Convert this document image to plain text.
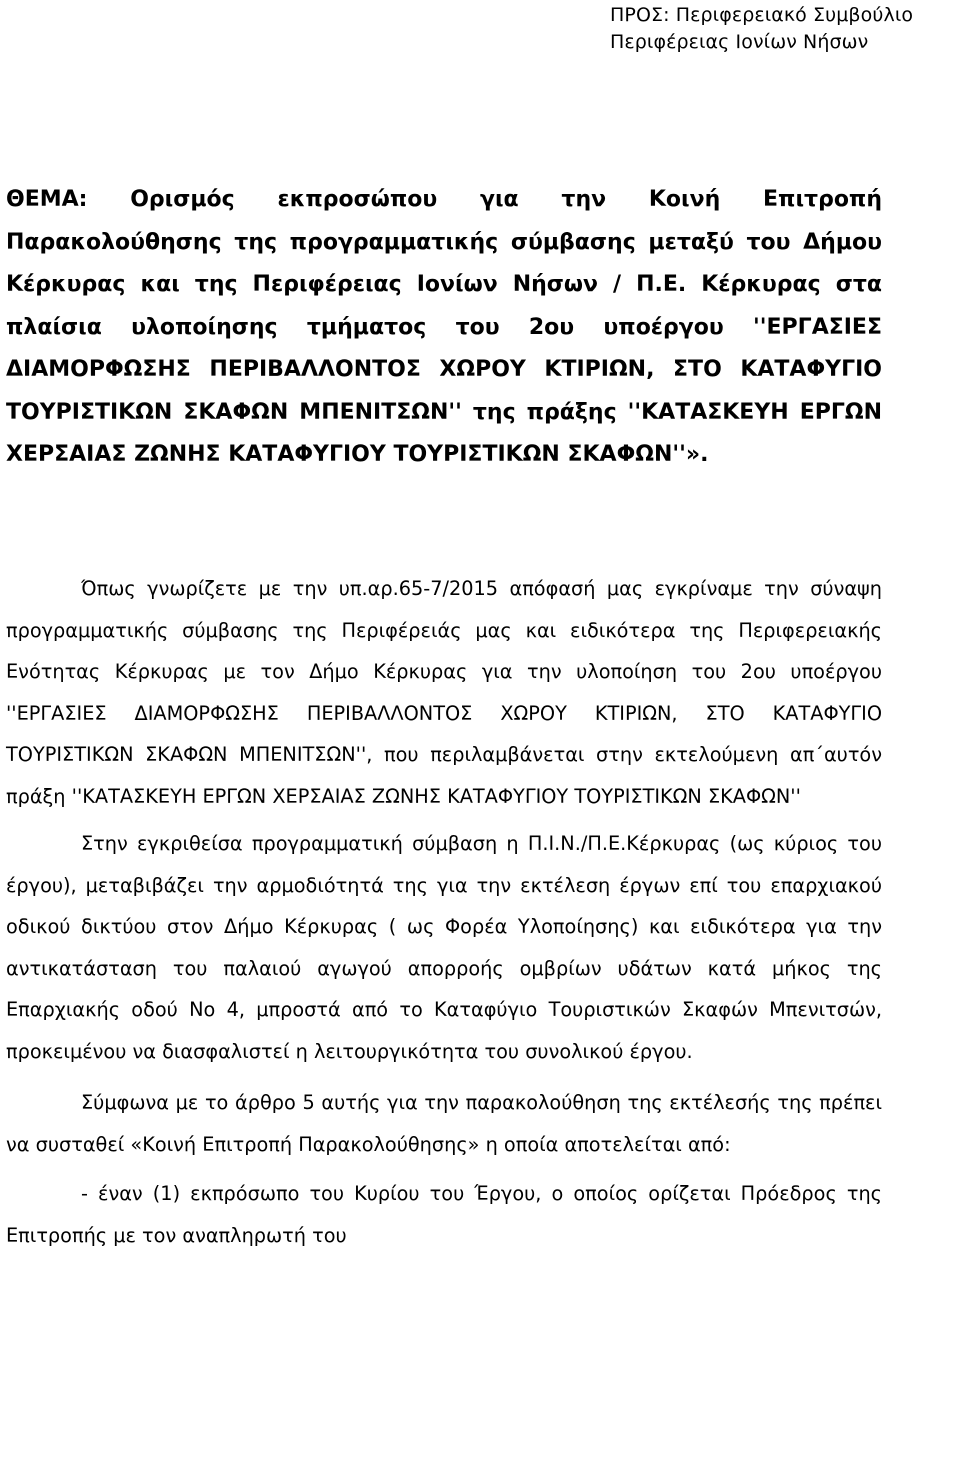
ΠΡΟΣ: Περιφερειακό Συμβούλιο
Περιφέρειας Ιονίων Νήσων
ΘΕΜΑ: Ορισμός εκπροσώπου για την Κοινή Επιτροπή Παρακολούθησης της προγραμματικής σύμβασης μεταξύ του Δήμου Κέρκυρας και της Περιφέρειας Ιονίων Νήσων / Π.Ε. Κέρκυρας στα πλαίσια υλοποίησης τμήματος του 2ου υποέργου ''ΕΡΓΑΣΙΕΣ ΔΙΑΜΟΡΦΩΣΗΣ ΠΕΡΙΒΑΛΛΟΝΤΟΣ ΧΩΡΟΥ ΚΤΙΡΙΩΝ, ΣΤΟ ΚΑΤΑΦΥΓΙΟ ΤΟΥΡΙΣΤΙΚΩΝ ΣΚΑΦΩΝ ΜΠΕΝΙΤΣΩΝ'' της πράξης ''ΚΑΤΑΣΚΕΥΗ ΕΡΓΩΝ ΧΕΡΣΑΙΑΣ ΖΩΝΗΣ ΚΑΤΑΦΥΓΙΟΥ ΤΟΥΡΙΣΤΙΚΩΝ ΣΚΑΦΩΝ''».

Όπως γνωρίζετε με την υπ.αρ.65-7/2015 απόφασή μας εγκρίναμε την σύναψη προγραμματικής σύμβασης της Περιφέρειάς μας και ειδικότερα της Περιφερειακής Ενότητας Κέρκυρας με τον Δήμο Κέρκυρας για την υλοποίηση του 2ου υποέργου ''ΕΡΓΑΣΙΕΣ ΔΙΑΜΟΡΦΩΣΗΣ ΠΕΡΙΒΑΛΛΟΝΤΟΣ ΧΩΡΟΥ ΚΤΙΡΙΩΝ, ΣΤΟ ΚΑΤΑΦΥΓΙΟ ΤΟΥΡΙΣΤΙΚΩΝ ΣΚΑΦΩΝ ΜΠΕΝΙΤΣΩΝ'', που περιλαμβάνεται στην εκτελούμενη απ΄αυτόν πράξη ''ΚΑΤΑΣΚΕΥΗ ΕΡΓΩΝ ΧΕΡΣΑΙΑΣ ΖΩΝΗΣ ΚΑΤΑΦΥΓΙΟΥ ΤΟΥΡΙΣΤΙΚΩΝ ΣΚΑΦΩΝ''

Στην εγκριθείσα προγραμματική σύμβαση η Π.Ι.Ν./Π.Ε.Κέρκυρας (ως κύριος του έργου), μεταβιβάζει την αρμοδιότητά της για την εκτέλεση έργων επί του επαρχιακού οδικού δικτύου στον Δήμο Κέρκυρας ( ως Φορέα Υλοποίησης) και ειδικότερα για την αντικατάσταση του παλαιού αγωγού απορροής ομβρίων υδάτων κατά μήκος της Επαρχιακής οδού Νο 4, μπροστά από το Καταφύγιο Τουριστικών Σκαφών Μπενιτσών, προκειμένου να διασφαλιστεί η λειτουργικότητα του συνολικού έργου.

Σύμφωνα με το άρθρο 5 αυτής για την παρακολούθηση της εκτέλεσής της πρέπει να συσταθεί «Κοινή Επιτροπή Παρακολούθησης» η οποία αποτελείται από:

- έναν (1) εκπρόσωπο του Κυρίου του Έργου, ο οποίος ορίζεται Πρόεδρος της Επιτροπής με τον αναπληρωτή του
